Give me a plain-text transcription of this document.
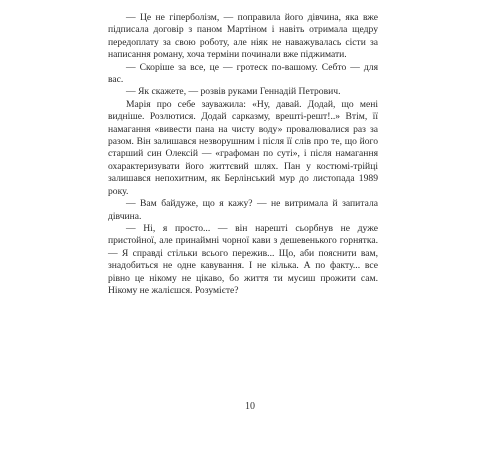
— Це не гіперболізм, — поправила його дівчина, яка вже підписала договір з паном Мартіном і навіть отримала щедру передоплату за свою роботу, але ніяк не наважувалась сісти за написання роману, хоча терміни починали вже піджимати.

— Скоріше за все, це — гротеск по-вашому. Себто — для вас.

— Як скажете, — розвів руками Геннадій Петрович.

Марія про себе зауважила: «Ну, давай. Додай, що мені видніше. Розлютися. Додай сарказму, врешті-решт!..» Втім, її намагання «вивести пана на чисту воду» провалювалися раз за разом. Він залишався незворушним і після її слів про те, що його старший син Олексій — «графоман по суті», і після намагання охарактеризувати його життєвий шлях. Пан у костюмі-трійці залишався непохитним, як Берлінський мур до листопада 1989 року.

— Вам байдуже, що я кажу? — не витримала й запитала дівчина.

— Ні, я просто... — він нарешті сьорбнув не дуже пристойної, але принаймні чорної кави з дешевенького горнятка. — Я справді стільки всього пережив... Що, аби пояснити вам, знадобиться не одне кавування. І не кілька. А по факту... все рівно це нікому не цікаво, бо життя ти мусиш прожити сам. Нікому не жалієшся. Розумієте?

10
